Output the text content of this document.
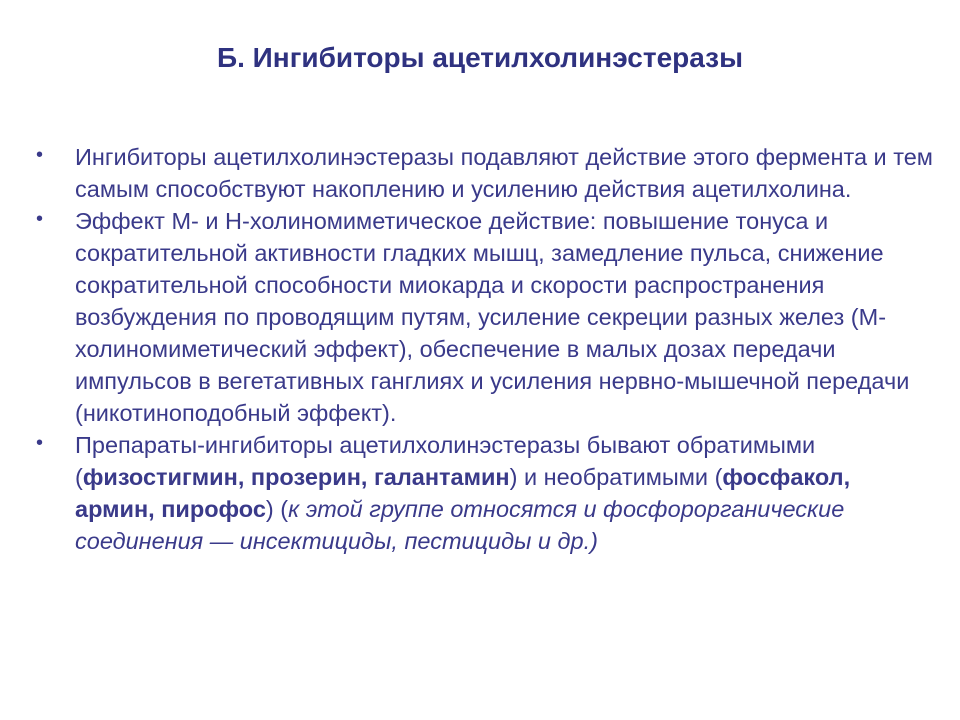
Б. Ингибиторы ацетилхолинэстеразы
• Ингибиторы ацетилхолинэстеразы подавляют действие этого фермента и тем самым способствуют накоплению и усилению действия ацетилхолина.
• Эффект М- и Н-холиномиметическое действие: повышение тонуса и сократительной активности гладких мышц, замедление пульса, снижение сократительной способности миокарда и скорости распространения возбуждения по проводящим путям, усиление секреции разных желез (М-холиномиметический эффект), обеспечение в малых дозах передачи импульсов в вегетативных ганглиях и усиления нервно-мышечной передачи (никотиноподобный эффект).
• Препараты-ингибиторы ацетилхолинэстеразы бывают обратимыми (физостигмин, прозерин, галантамин) и необратимыми (фосфакол, армин, пирофос) (к этой группе относятся и фосфорорганические соединения — инсектициды, пестициды и др.)
